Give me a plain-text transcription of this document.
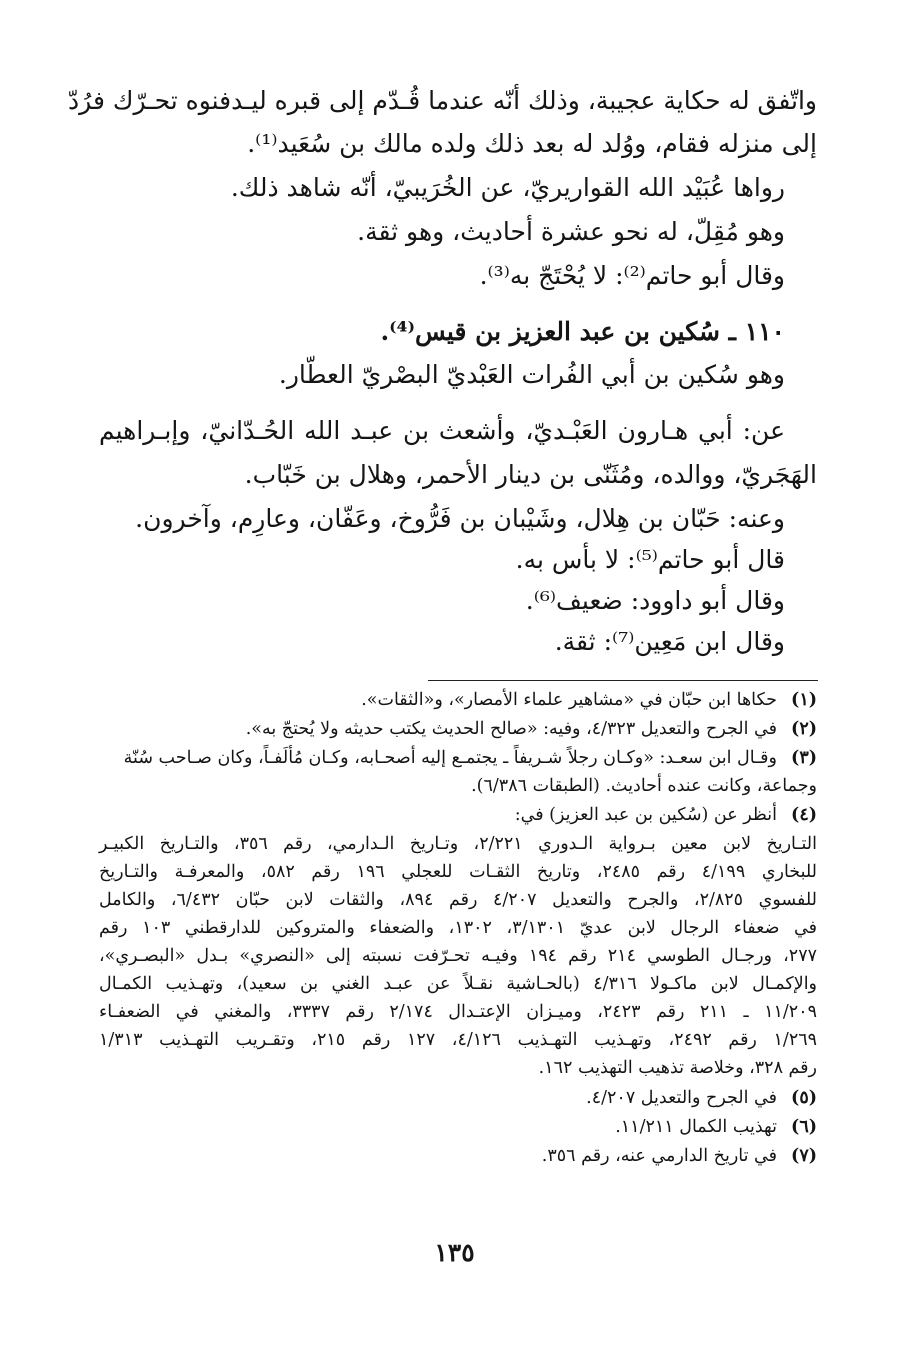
واتّفق له حكاية عجيبة، وذلك أنّه عندما قُـدّم إلى قبره ليـدفنوه تحـرّك فرُدّ
إلى منزله فقام، ووُلد له بعد ذلك ولده مالك بن سُعَيد⁽¹⁾.
رواها عُبَيْد الله القواريريّ، عن الخُرَيبيّ، أنّه شاهد ذلك.
وهو مُقِلّ، له نحو عشرة أحاديث، وهو ثقة.
وقال أبو حاتم⁽²⁾: لا يُحْتَجّ به⁽³⁾.
١١٠ ـ سُكين بن عبد العزيز بن قيس⁽⁴⁾.
وهو سُكين بن أبي الفُرات العَبْديّ البصْريّ العطّار.
عن: أبي هـارون العَبْـديّ، وأشعث بن عبـد الله الحُـدّانيّ، وإبـراهيم
الهَجَريّ، ووالده، ومُثَنّى بن دينار الأحمر، وهلال بن خَبّاب.
وعنه: حَبّان بن هِلال، وشَيْبان بن فَرُّوخ، وعَفّان، وعارِم، وآخرون.
قال أبو حاتم⁽⁵⁾: لا بأس به.
وقال أبو داوود: ضعيف⁽⁶⁾.
وقال ابن مَعِين⁽⁷⁾: ثقة.
(١)حكاها ابن حبّان في «مشاهير علماء الأمصار»، و«الثقات».
(٢)في الجرح والتعديل ٤/٣٢٣، وفيه: «صالح الحديث يكتب حديثه ولا يُحتجّ به».
(٣)وقـال ابن سعـد: «وكـان رجلاً شـريفاً ـ يجتمـع إليه أصحـابه، وكـان مُألَفـاً، وكان صـاحب سُنّة
وجماعة، وكانت عنده أحاديث. (الطبقات ٦/٣٨٦).
(٤)أنظر عن (سُكين بن عبد العزيز) في:
التـاريخ لابن معين بـرواية الـدوري ٢/٢٢١، وتـاريخ الـدارمي، رقم ٣٥٦، والتـاريخ الكبيـر
للبخاري ٤/١٩٩ رقم ٢٤٨٥، وتاريخ الثقـات للعجلي ١٩٦ رقم ٥٨٢، والمعرفـة والتـاريخ
للفسوي ٢/٨٢٥، والجرح والتعديل ٤/٢٠٧ رقم ٨٩٤، والثقات لابن حبّان ٦/٤٣٢، والكامل
في ضعفاء الرجال لابن عديّ ٣/١٣٠١، ١٣٠٢، والضعفاء والمتروكين للدارقطني ١٠٣ رقم
٢٧٧، ورجـال الطوسي ٢١٤ رقم ١٩٤ وفيـه تحـرّفت نسبته إلى «النصري» بـدل «البصـري»،
والإكمـال لابن ماكـولا ٤/٣١٦ (بالحـاشية نقـلاً عن عبـد الغني بن سعيد)، وتهـذيب الكمـال
١١/٢٠٩ ـ ٢١١ رقم ٢٤٢٣، وميـزان الإعتـدال ٢/١٧٤ رقم ٣٣٣٧، والمغني في الضعفـاء
١/٢٦٩ رقم ٢٤٩٢، وتهـذيب التهـذيب ٤/١٢٦، ١٢٧ رقم ٢١٥، وتقـريب التهـذيب ١/٣١٣
رقم ٣٢٨، وخلاصة تذهيب التهذيب ١٦٢.
(٥)في الجرح والتعديل ٤/٢٠٧.
(٦)تهذيب الكمال ١١/٢١١.
(٧)في تاريخ الدارمي عنه، رقم ٣٥٦.
١٣٥
